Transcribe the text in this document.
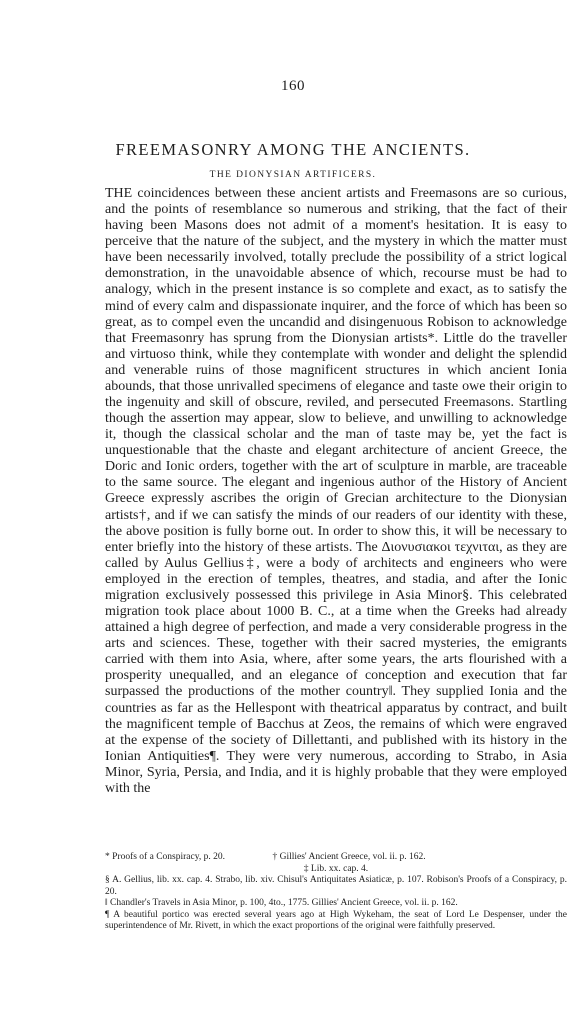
160
FREEMASONRY AMONG THE ANCIENTS.
THE DIONYSIAN ARTIFICERS.

THE coincidences between these ancient artists and Freemasons are so curious, and the points of resemblance so numerous and striking, that the fact of their having been Masons does not admit of a moment's hesitation. It is easy to perceive that the nature of the subject, and the mystery in which the matter must have been necessarily involved, totally preclude the possibility of a strict logical demonstration, in the unavoidable absence of which, recourse must be had to analogy, which in the present instance is so complete and exact, as to satisfy the mind of every calm and dispassionate inquirer, and the force of which has been so great, as to compel even the uncandid and disingenuous Robison to acknowledge that Freemasonry has sprung from the Dionysian artists*. Little do the traveller and virtuoso think, while they contemplate with wonder and delight the splendid and venerable ruins of those magnificent structures in which ancient Ionia abounds, that those unrivalled specimens of elegance and taste owe their origin to the ingenuity and skill of obscure, reviled, and persecuted Freemasons. Startling though the assertion may appear, slow to believe, and unwilling to acknowledge it, though the classical scholar and the man of taste may be, yet the fact is unquestionable that the chaste and elegant architecture of ancient Greece, the Doric and Ionic orders, together with the art of sculpture in marble, are traceable to the same source. The elegant and ingenious author of the History of Ancient Greece expressly ascribes the origin of Grecian architecture to the Dionysian artists†, and if we can satisfy the minds of our readers of our identity with these, the above position is fully borne out. In order to show this, it will be necessary to enter briefly into the history of these artists. The Διονυσιακοι τεχνιται, as they are called by Aulus Gellius‡, were a body of architects and engineers who were employed in the erection of temples, theatres, and stadia, and after the Ionic migration exclusively possessed this privilege in Asia Minor§. This celebrated migration took place about 1000 B. C., at a time when the Greeks had already attained a high degree of perfection, and made a very considerable progress in the arts and sciences. These, together with their sacred mysteries, the emigrants carried with them into Asia, where, after some years, the arts flourished with a prosperity unequalled, and an elegance of conception and execution that far surpassed the productions of the mother country‖. They supplied Ionia and the countries as far as the Hellespont with theatrical apparatus by contract, and built the magnificent temple of Bacchus at Zeos, the remains of which were engraved at the expense of the society of Dillettanti, and published with its history in the Ionian Antiquities¶. They were very numerous, according to Strabo, in Asia Minor, Syria, Persia, and India, and it is highly probable that they were employed with the

* Proofs of a Conspiracy, p. 20.                    † Gillies' Ancient Greece, vol. ii. p. 162.
‡ Lib. xx. cap. 4.
§ A. Gellius, lib. xx. cap. 4. Strabo, lib. xiv. Chisul's Antiquitates Asiaticæ, p. 107. Robison's Proofs of a Conspiracy, p. 20.
‖ Chandler's Travels in Asia Minor, p. 100, 4to., 1775. Gillies' Ancient Greece, vol. ii. p. 162.
¶ A beautiful portico was erected several years ago at High Wykeham, the seat of Lord Le Despenser, under the superintendence of Mr. Rivett, in which the exact proportions of the original were faithfully preserved.
